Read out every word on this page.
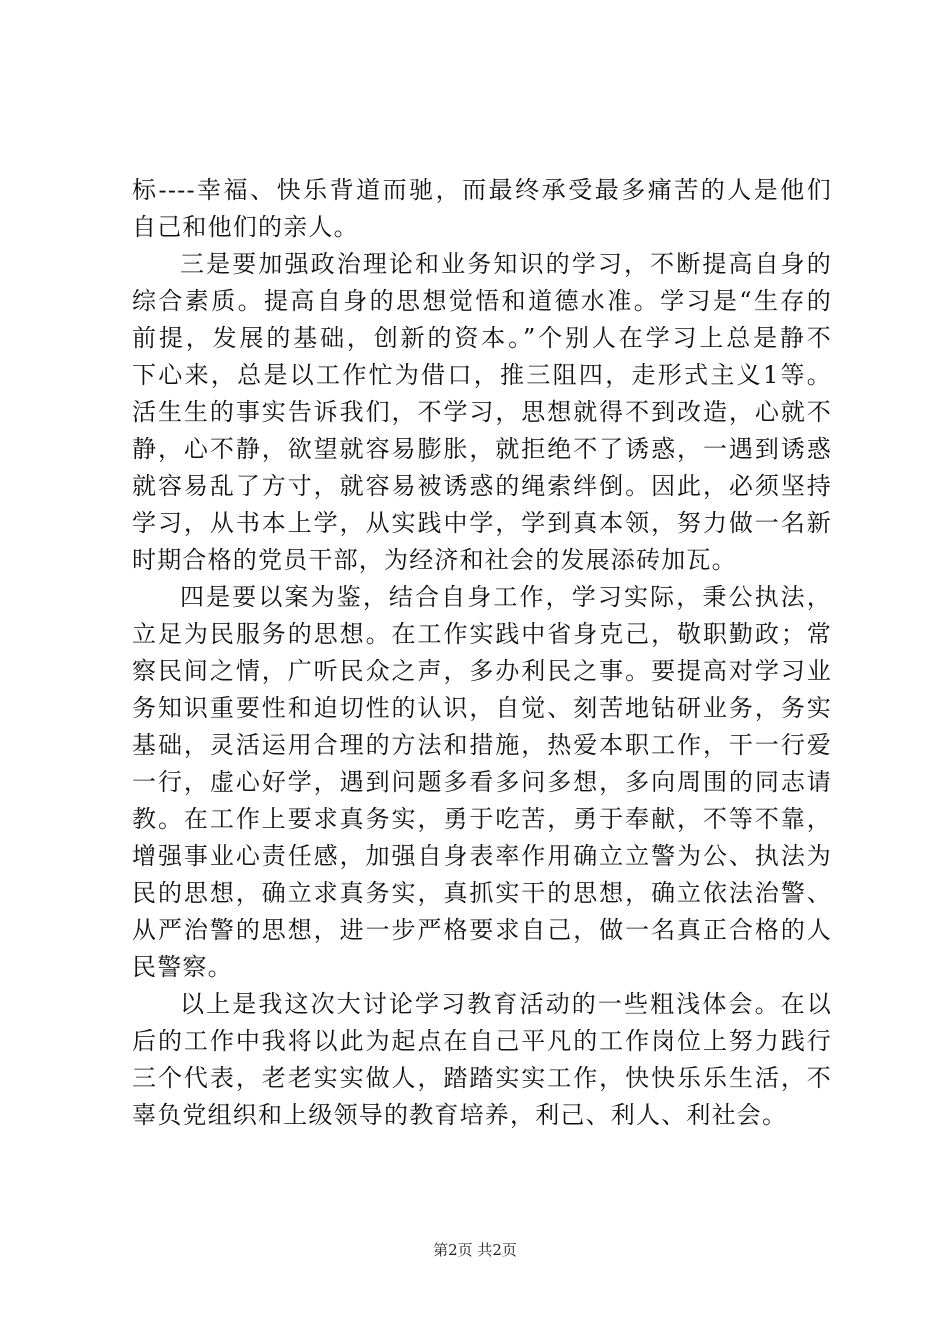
标----幸福、快乐背道而驰，而最终承受最多痛苦的人是他们
自己和他们的亲人。
三是要加强政治理论和业务知识的学习，不断提高自身的
综合素质。提高自身的思想觉悟和道德水准。学习是“生存的
前提，发展的基础，创新的资本。”个别人在学习上总是静不
下心来，总是以工作忙为借口，推三阻四，走形式主义1等。
活生生的事实告诉我们，不学习，思想就得不到改造，心就不
静，心不静，欲望就容易膨胀，就拒绝不了诱惑，一遇到诱惑
就容易乱了方寸，就容易被诱惑的绳索绊倒。因此，必须坚持
学习，从书本上学，从实践中学，学到真本领，努力做一名新
时期合格的党员干部，为经济和社会的发展添砖加瓦。
四是要以案为鉴，结合自身工作，学习实际，秉公执法，
立足为民服务的思想。在工作实践中省身克己，敬职勤政；常
察民间之情，广听民众之声，多办利民之事。要提高对学习业
务知识重要性和迫切性的认识，自觉、刻苦地钻研业务，务实
基础，灵活运用合理的方法和措施，热爱本职工作，干一行爱
一行，虚心好学，遇到问题多看多问多想，多向周围的同志请
教。在工作上要求真务实，勇于吃苦，勇于奉献，不等不靠，
增强事业心责任感，加强自身表率作用确立立警为公、执法为
民的思想，确立求真务实，真抓实干的思想，确立依法治警、
从严治警的思想，进一步严格要求自己，做一名真正合格的人
民警察。
以上是我这次大讨论学习教育活动的一些粗浅体会。在以
后的工作中我将以此为起点在自己平凡的工作岗位上努力践行
三个代表，老老实实做人，踏踏实实工作，快快乐乐生活，不
辜负党组织和上级领导的教育培养，利己、利人、利社会。
第2页 共2页
